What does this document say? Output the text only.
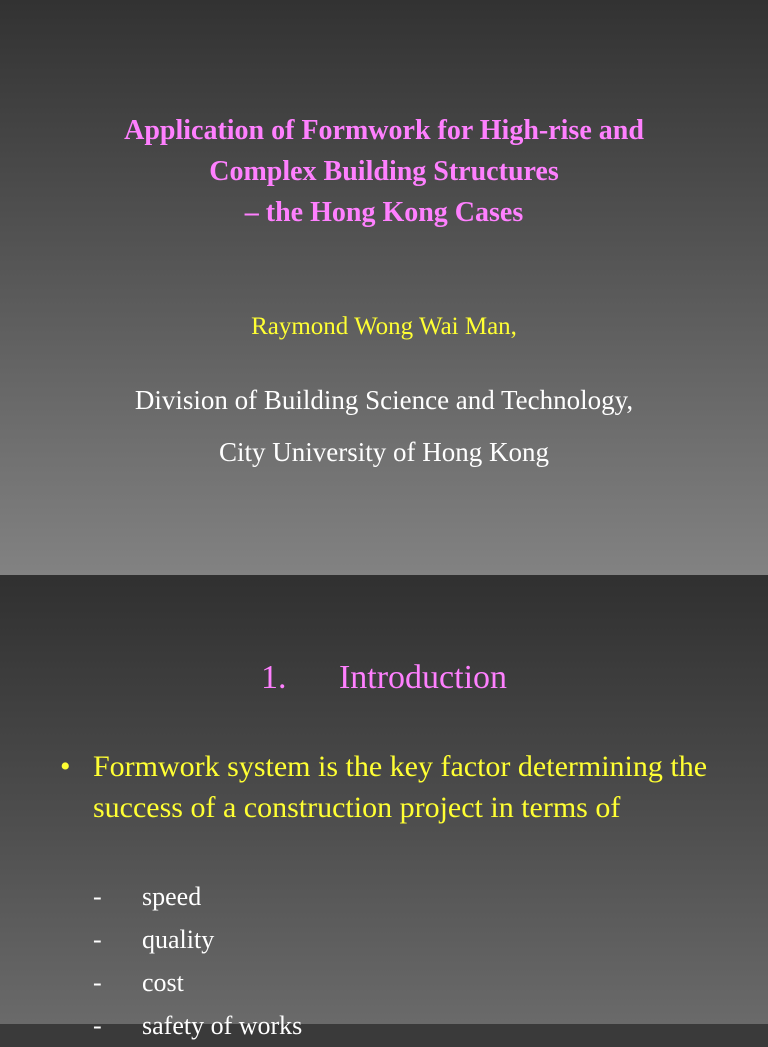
Application of Formwork for High-rise and
Complex Building Structures
– the Hong Kong Cases
Raymond Wong Wai Man,
Division of Building Science and Technology,
City University of Hong Kong
1. Introduction
• Formwork system is the key factor determining the success of a construction project in terms of
- speed
- quality
- cost
- safety of works
